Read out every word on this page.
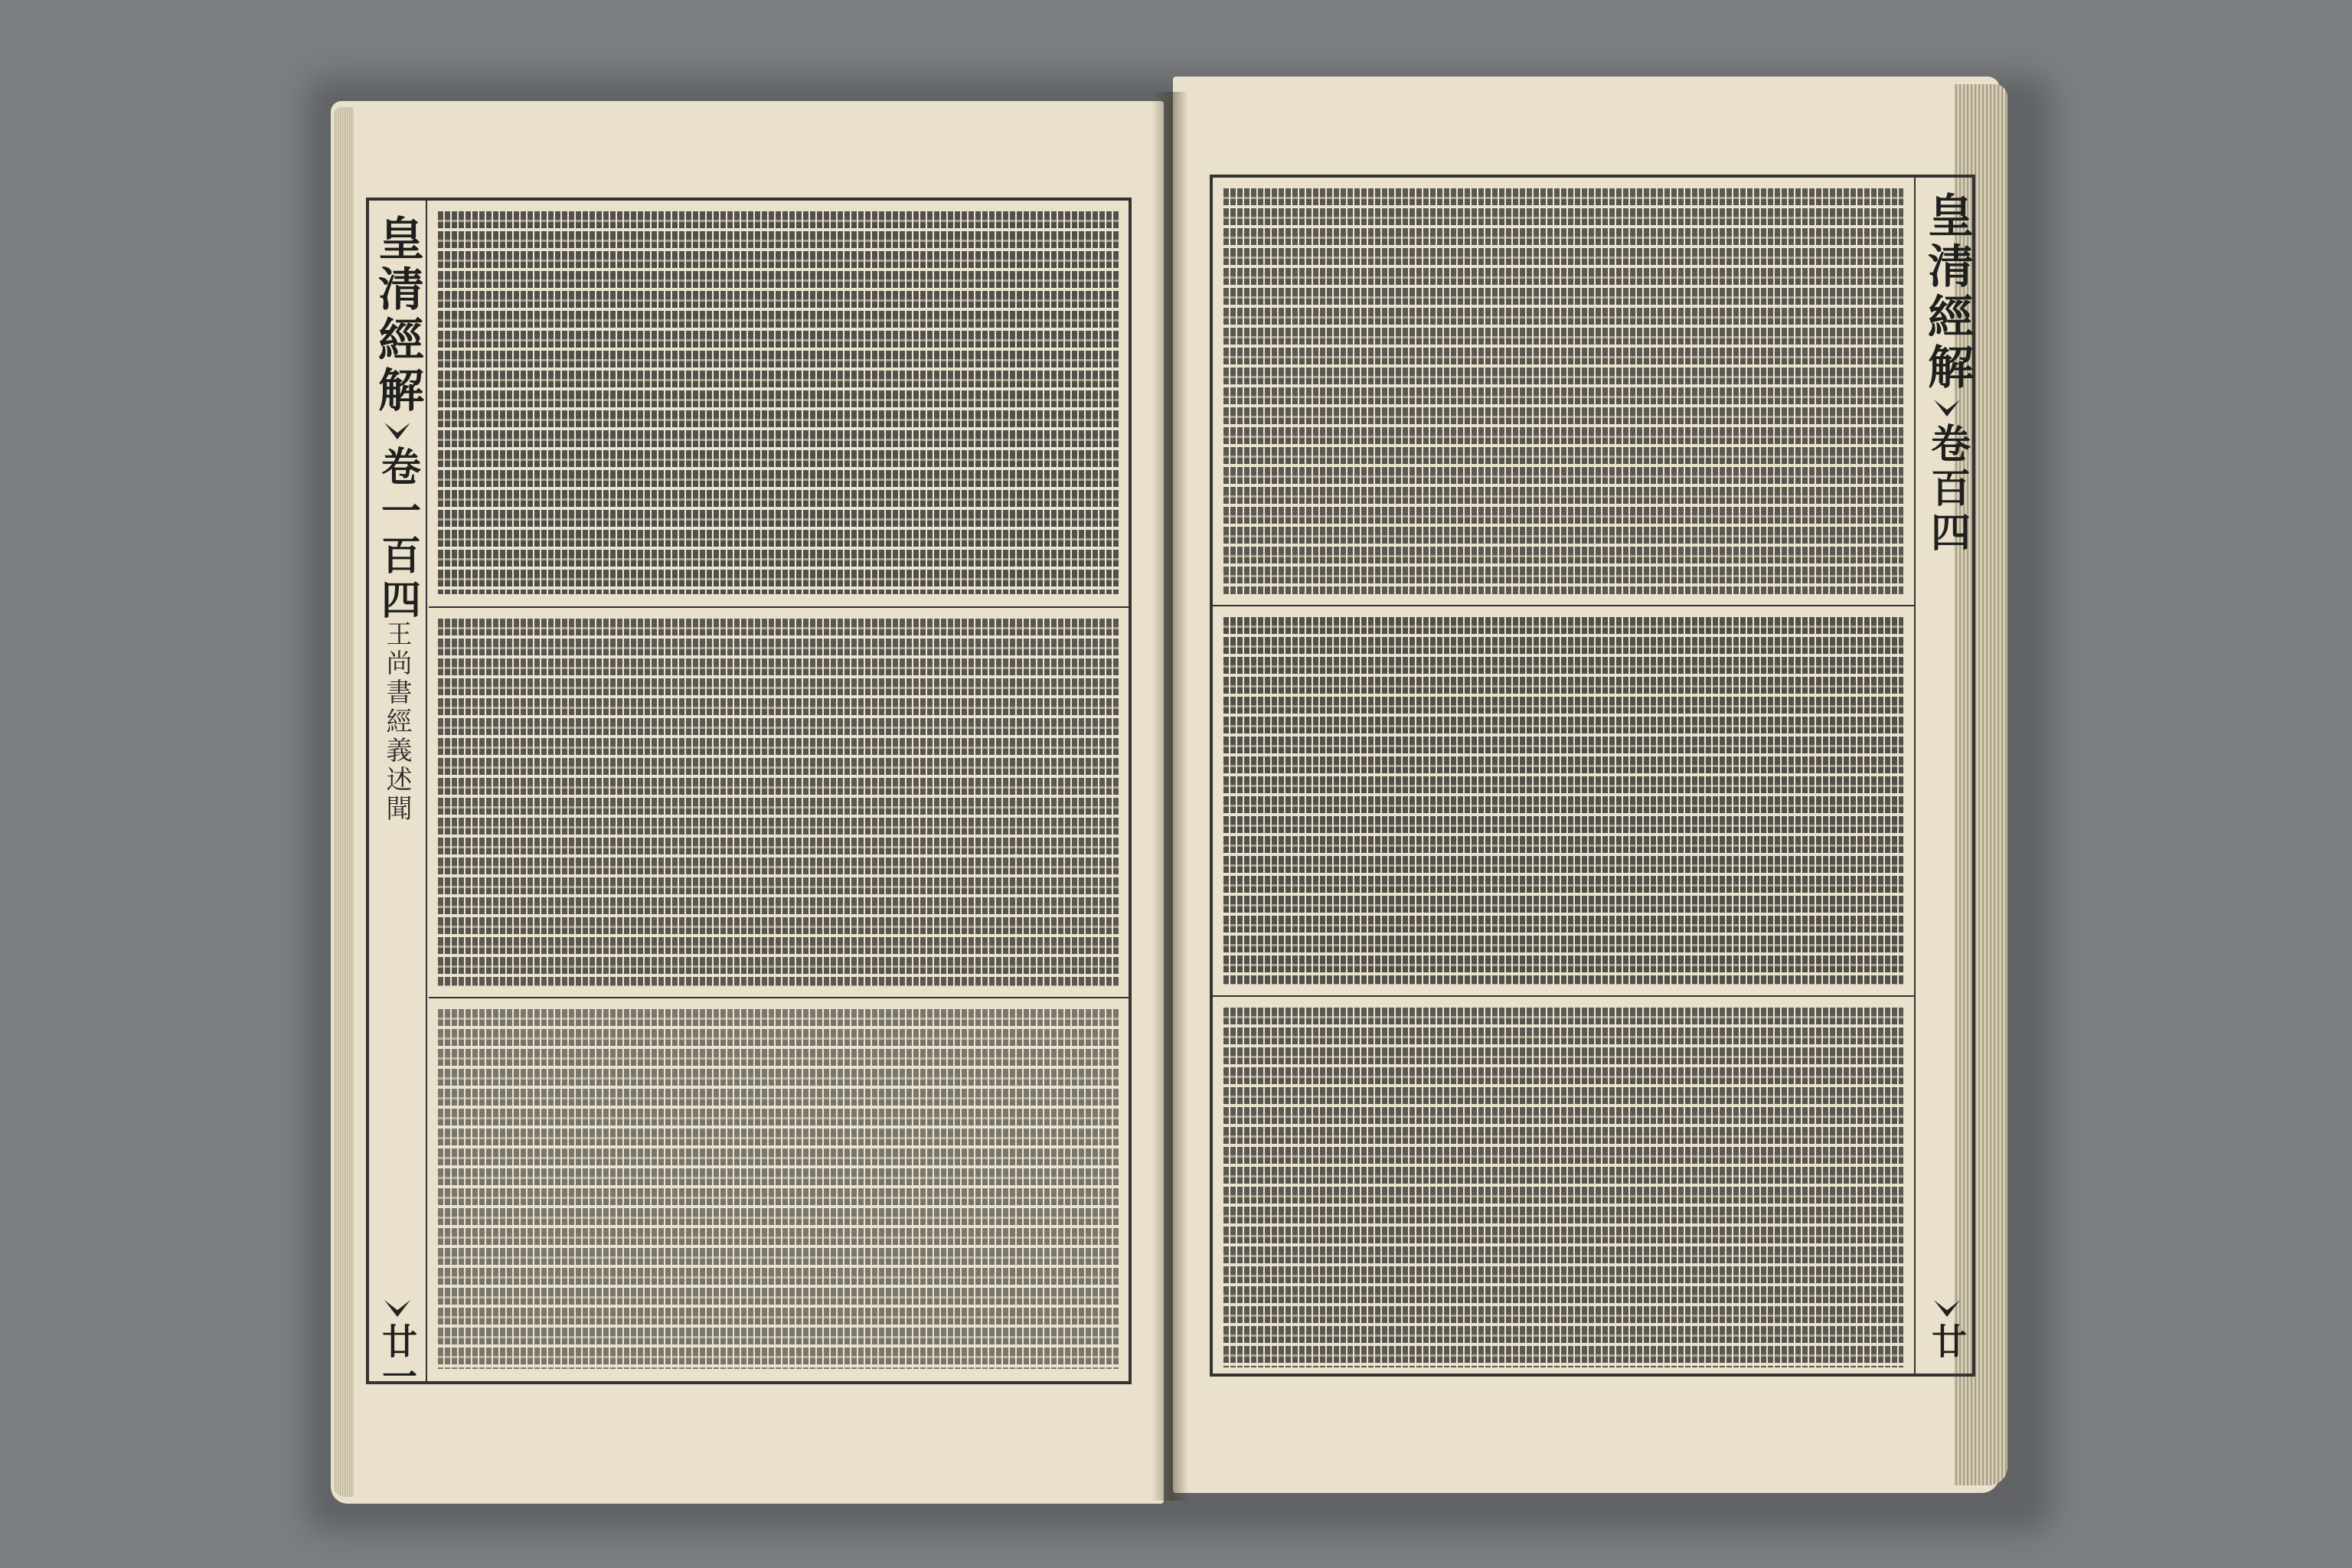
皇清經解
卷一百四
廿一
王尚書經義述聞
皇清經解
卷百四
廿
